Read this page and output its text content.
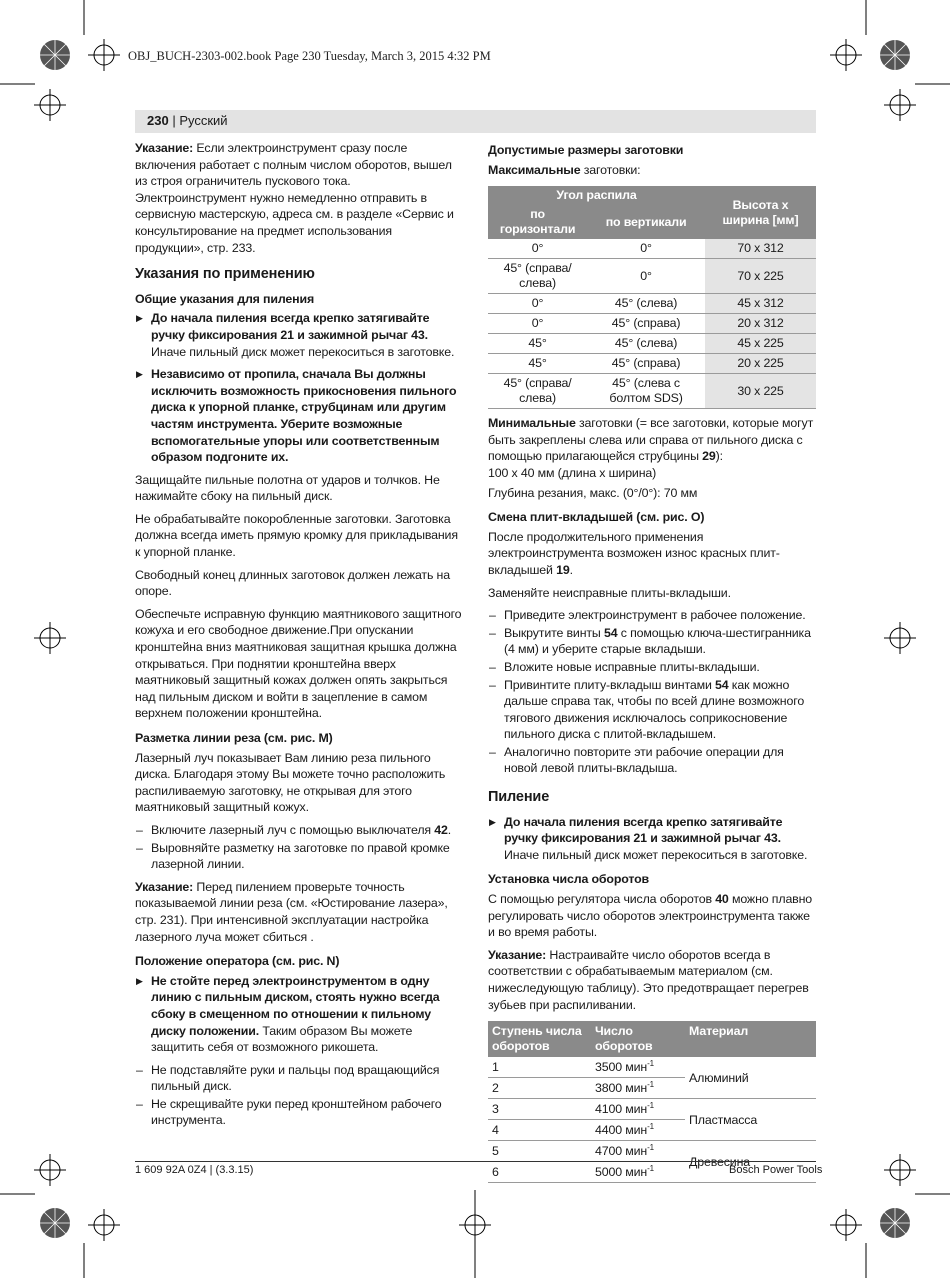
OBJ_BUCH-2303-002.book Page 230 Tuesday, March 3, 2015 4:32 PM
230 | Русский

Указание: Если электроинструмент сразу после включения работает с полным числом оборотов, вышел из строя ограничитель пускового тока. Электроинструмент нужно немедленно отправить в сервисную мастерскую, адреса см. в разделе «Сервис и консультирование на предмет использования продукции», стр. 233.

Указания по применению
Общие указания для пиления
▶ До начала пиления всегда крепко затягивайте ручку фиксирования 21 и зажимной рычаг 43. Иначе пильный диск может перекоситься в заготовке.
▶ Независимо от пропила, сначала Вы должны исключить возможность прикосновения пильного диска к упорной планке, струбцинам или другим частям инструмента. Уберите возможные вспомогательные упоры или соответственным образом подгоните их.

Защищайте пильные полотна от ударов и толчков. Не нажимайте сбоку на пильный диск.

Не обрабатывайте покоробленные заготовки. Заготовка должна всегда иметь прямую кромку для прикладывания к упорной планке.

Свободный конец длинных заготовок должен лежать на опоре.

Обеспечьте исправную функцию маятникового защитного кожуха и его свободное движение.При опускании кронштейна вниз маятниковая защитная крышка должна открываться. При поднятии кронштейна вверх маятниковый защитный кожах должен опять закрыться над пильным диском и войти в зацепление в самом верхнем положении кронштейна.

Разметка линии реза (см. рис. M)

Лазерный луч показывает Вам линию реза пильного диска. Благодаря этому Вы можете точно расположить распиливаемую заготовку, не открывая для этого маятниковый защитный кожух.

– Включите лазерный луч с помощью выключателя 42.
– Выровняйте разметку на заготовке по правой кромке лазерной линии.

Указание: Перед пилением проверьте точность показываемой линии реза (см. «Юстирование лазера», стр. 231). При интенсивной эксплуатации настройка лазерного луча может сбиться .

Положение оператора (см. рис. N)
▶ Не стойте перед электроинструментом в одну линию с пильным диском, стоять нужно всегда сбоку в смещенном по отношении к пильному диску положении. Таким образом Вы можете защитить себя от возможного рикошета.
– Не подставляйте руки и пальцы под вращающийся пильный диск.
– Не скрещивайте руки перед кронштейном рабочего инструмента.
Допустимые размеры заготовки

Максимальные заготовки:

Угол распила		Высота x ширина [мм]
по горизонтали	по вертикали	
0°	0°	70 x 312
45° (справа/слева)	0°	70 x 225
0°	45° (слева)	45 x 312
0°	45° (справа)	20 x 312
45°	45° (слева)	45 x 225
45°	45° (справа)	20 x 225
45° (справа/слева)	45° (слева с болтом SDS)	30 x 225

Минимальные заготовки (= все заготовки, которые могут быть закреплены слева или справа от пильного диска с помощью прилагающейся струбцины 29):

100 x 40 мм (длина x ширина)

Глубина резания, макс. (0°/0°): 70 мм

Смена плит-вкладышей (см. рис. O)

После продолжительного применения электроинструмента возможен износ красных плит-вкладышей 19.

Заменяйте неисправные плиты-вкладыши.

– Приведите электроинструмент в рабочее положение.
– Выкрутите винты 54 с помощью ключа-шестигранника (4 мм) и уберите старые вкладыши.
– Вложите новые исправные плиты-вкладыши.
– Привинтите плиту-вкладыш винтами 54 как можно дальше справа так, чтобы по всей длине возможного тягового движения исключалось соприкосновение пильного диска с плитой-вкладышем.
– Аналогично повторите эти рабочие операции для новой левой плиты-вкладыша.
Пиление
▶ До начала пиления всегда крепко затягивайте ручку фиксирования 21 и зажимной рычаг 43. Иначе пильный диск может перекоситься в заготовке.
Установка числа оборотов

С помощью регулятора числа оборотов 40 можно плавно регулировать число оборотов электроинструмента также и во время работы.

Указание: Настраивайте число оборотов всегда в соответствии с обрабатываемым материалом (см. нижеследующую таблицу). Это предотвращает перегрев зубьев при распиливании.

Ступень числа оборотов	Число оборотов	Материал
1	3500 мин$^{-1}$	Алюминий
2	3800 мин$^{-1}$
3	4100 мин$^{-1}$	Пластмасса
4	4400 мин$^{-1}$
5	4700 мин$^{-1}$	Древесина
6	5000 мин$^{-1}$
1 609 92A 0Z4 | (3.3.15)	Bosch Power Tools
